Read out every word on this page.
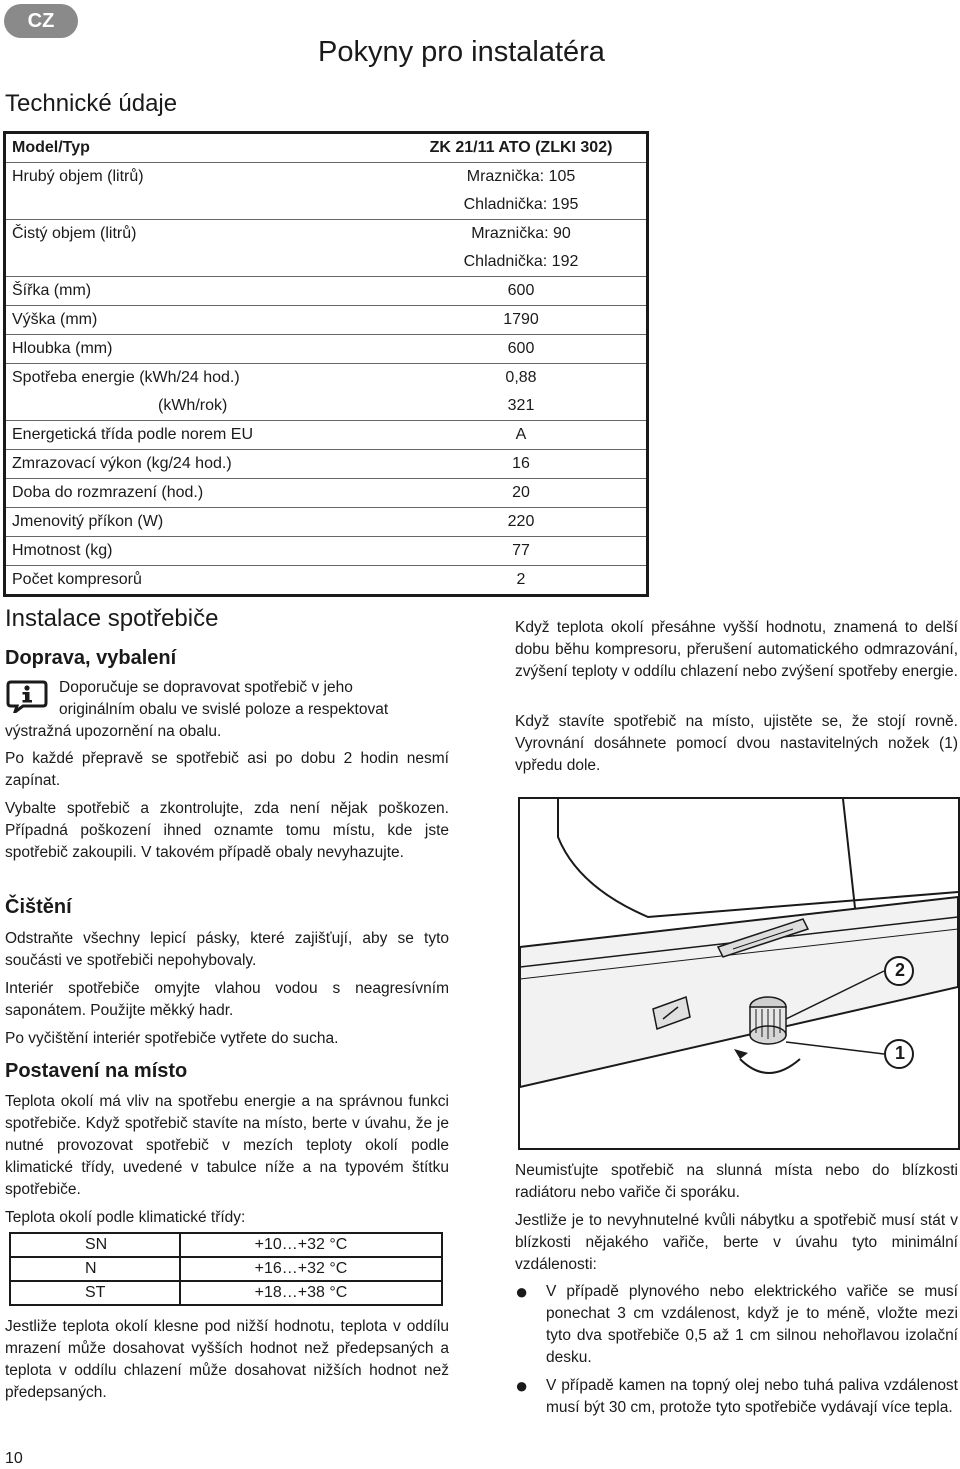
CZ
Pokyny pro instalatéra
Technické údaje
Model/Typ	ZK 21/11 ATO (ZLKI 302)
Hrubý objem (litrů)	Mraznička: 105
Chladnička: 195
Čistý objem (litrů)	Mraznička: 90
Chladnička: 192
Šířka (mm)	600
Výška (mm)	1790
Hloubka (mm)	600
Spotřeba energie (kWh/24 hod.)	0,88
(kWh/rok)	321
Energetická třída podle norem EU	A
Zmrazovací výkon (kg/24 hod.)	16
Doba do rozmrazení (hod.)	20
Jmenovitý příkon (W)	220
Hmotnost (kg)	77
Počet kompresorů	2
Instalace spotřebiče
Doprava, vybalení
Doporučuje se dopravovat spotřebič v jeho
originálním obalu ve svislé poloze a respektovat
výstražná upozornění na obalu.
Po každé přepravě se spotřebič asi po dobu 2 hodin nesmí zapínat.
Vybalte spotřebič a zkontrolujte, zda není nějak poškozen. Případná poškození ihned oznamte tomu místu, kde jste spotřebič zakoupili. V takovém případě obaly nevyhazujte.
Čištění
Odstraňte všechny lepicí pásky, které zajišťují, aby se tyto součásti ve spotřebiči nepohybovaly.
Interiér spotřebiče omyjte vlahou vodou s neagresívním saponátem. Použijte měkký hadr.
Po vyčištění interiér spotřebiče vytřete do sucha.
Postavení na místo
Teplota okolí má vliv na spotřebu energie a na správnou funkci spotřebiče. Když spotřebič stavíte na místo, berte v úvahu, že je nutné provozovat spotřebič v mezích teploty okolí podle klimatické třídy, uvedené v tabulce níže a na typovém štítku spotřebiče.
Teplota okolí podle klimatické třídy:
SN	+10…+32 °C
N	+16…+32 °C
ST	+18…+38 °C
Jestliže teplota okolí klesne pod nižší hodnotu, teplota v oddílu mrazení může dosahovat vyšších hodnot než předepsaných a teplota v oddílu chlazení může dosahovat nižších hodnot než předepsaných.
10
Když teplota okolí přesáhne vyšší hodnotu, znamená to delší dobu běhu kompresoru, přerušení automatického odmrazování, zvýšení teploty v oddílu chlazení nebo zvýšení spotřeby energie.
Když stavíte spotřebič na místo, ujistěte se, že stojí rovně. Vyrovnání dosáhnete pomocí dvou nastavitelných nožek (1) vpředu dole.
2
1
Neumisťujte spotřebič na slunná místa nebo do blízkosti radiátoru nebo vařiče či sporáku.
Jestliže je to nevyhnutelné kvůli nábytku a spotřebič musí stát v blízkosti nějakého vařiče, berte v úvahu tyto minimální vzdálenosti:
● V případě plynového nebo elektrického vařiče se musí ponechat 3 cm vzdálenost, když je to méně, vložte mezi tyto dva spotřebiče 0,5 až 1 cm silnou nehořlavou izolační desku.
● V případě kamen na topný olej nebo tuhá paliva vzdálenost musí být 30 cm, protože tyto spotřebiče vydávají více tepla.
